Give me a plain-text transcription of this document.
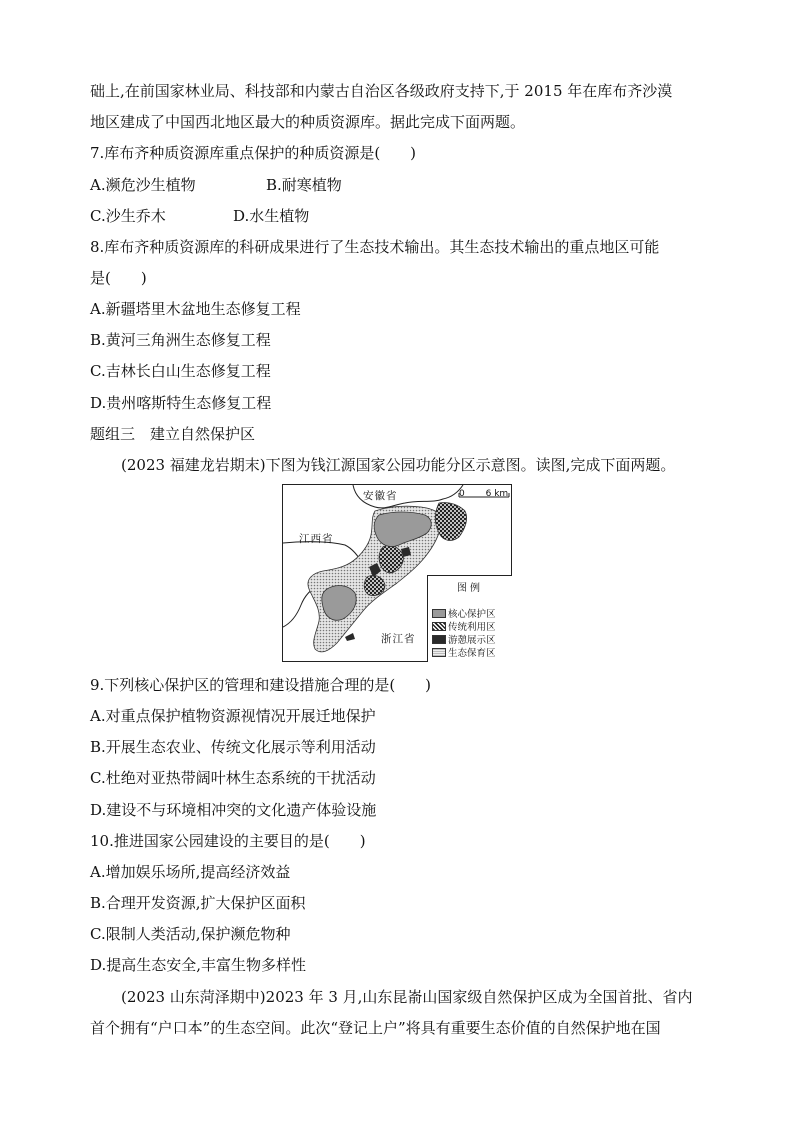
础上,在前国家林业局、科技部和内蒙古自治区各级政府支持下,于 2015 年在库布齐沙漠
地区建成了中国西北地区最大的种质资源库。据此完成下面两题。
7.库布齐种质资源库重点保护的种质资源是(　　)
A.濒危沙生植物	B.耐寒植物
C.沙生乔木	D.水生植物
8.库布齐种质资源库的科研成果进行了生态技术输出。其生态技术输出的重点地区可能
是(　　)
A.新疆塔里木盆地生态修复工程
B.黄河三角洲生态修复工程
C.吉林长白山生态修复工程
D.贵州喀斯特生态修复工程
题组三　建立自然保护区
(2023 福建龙岩期末)下图为钱江源国家公园功能分区示意图。读图,完成下面两题。
安徽省
江西省
浙江省
0 6 km
图例
核心保护区
传统利用区
游憩展示区
生态保育区
9.下列核心保护区的管理和建设措施合理的是(　　)
A.对重点保护植物资源视情况开展迁地保护
B.开展生态农业、传统文化展示等利用活动
C.杜绝对亚热带阔叶林生态系统的干扰活动
D.建设不与环境相冲突的文化遗产体验设施
10.推进国家公园建设的主要目的是(　　)
A.增加娱乐场所,提高经济效益
B.合理开发资源,扩大保护区面积
C.限制人类活动,保护濒危物种
D.提高生态安全,丰富生物多样性
(2023 山东菏泽期中)2023 年 3 月,山东昆嵛山国家级自然保护区成为全国首批、省内
首个拥有“户口本”的生态空间。此次“登记上户”将具有重要生态价值的自然保护地在国
